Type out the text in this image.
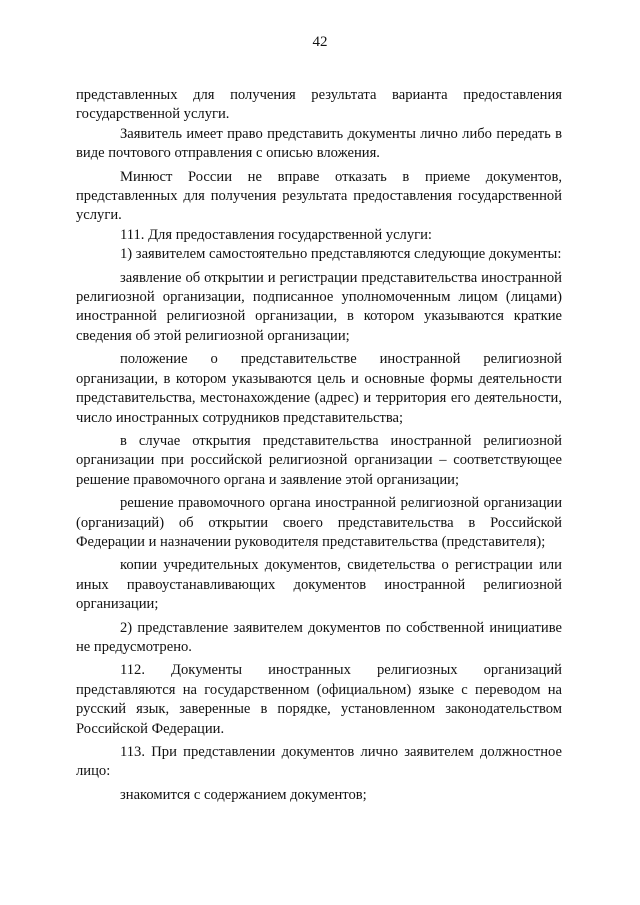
42

представленных для получения результата варианта предоставления государственной услуги.

Заявитель имеет право представить документы лично либо передать в виде почтового отправления с описью вложения.

Минюст России не вправе отказать в приеме документов, представленных для получения результата предоставления государственной услуги.

111. Для предоставления государственной услуги:

1) заявителем самостоятельно представляются следующие документы:

заявление об открытии и регистрации представительства иностранной религиозной организации, подписанное уполномоченным лицом (лицами) иностранной религиозной организации, в котором указываются краткие сведения об этой религиозной организации;

положение о представительстве иностранной религиозной организации, в котором указываются цель и основные формы деятельности представительства, местонахождение (адрес) и территория его деятельности, число иностранных сотрудников представительства;

в случае открытия представительства иностранной религиозной организации при российской религиозной организации – соответствующее решение правомочного органа и заявление этой организации;

решение правомочного органа иностранной религиозной организации (организаций) об открытии своего представительства в Российской Федерации и назначении руководителя представительства (представителя);

копии учредительных документов, свидетельства о регистрации или иных правоустанавливающих документов иностранной религиозной организации;

2) представление заявителем документов по собственной инициативе не предусмотрено.

112. Документы иностранных религиозных организаций представляются на государственном (официальном) языке с переводом на русский язык, заверенные в порядке, установленном законодательством Российской Федерации.

113. При представлении документов лично заявителем должностное лицо:

знакомится с содержанием документов;
